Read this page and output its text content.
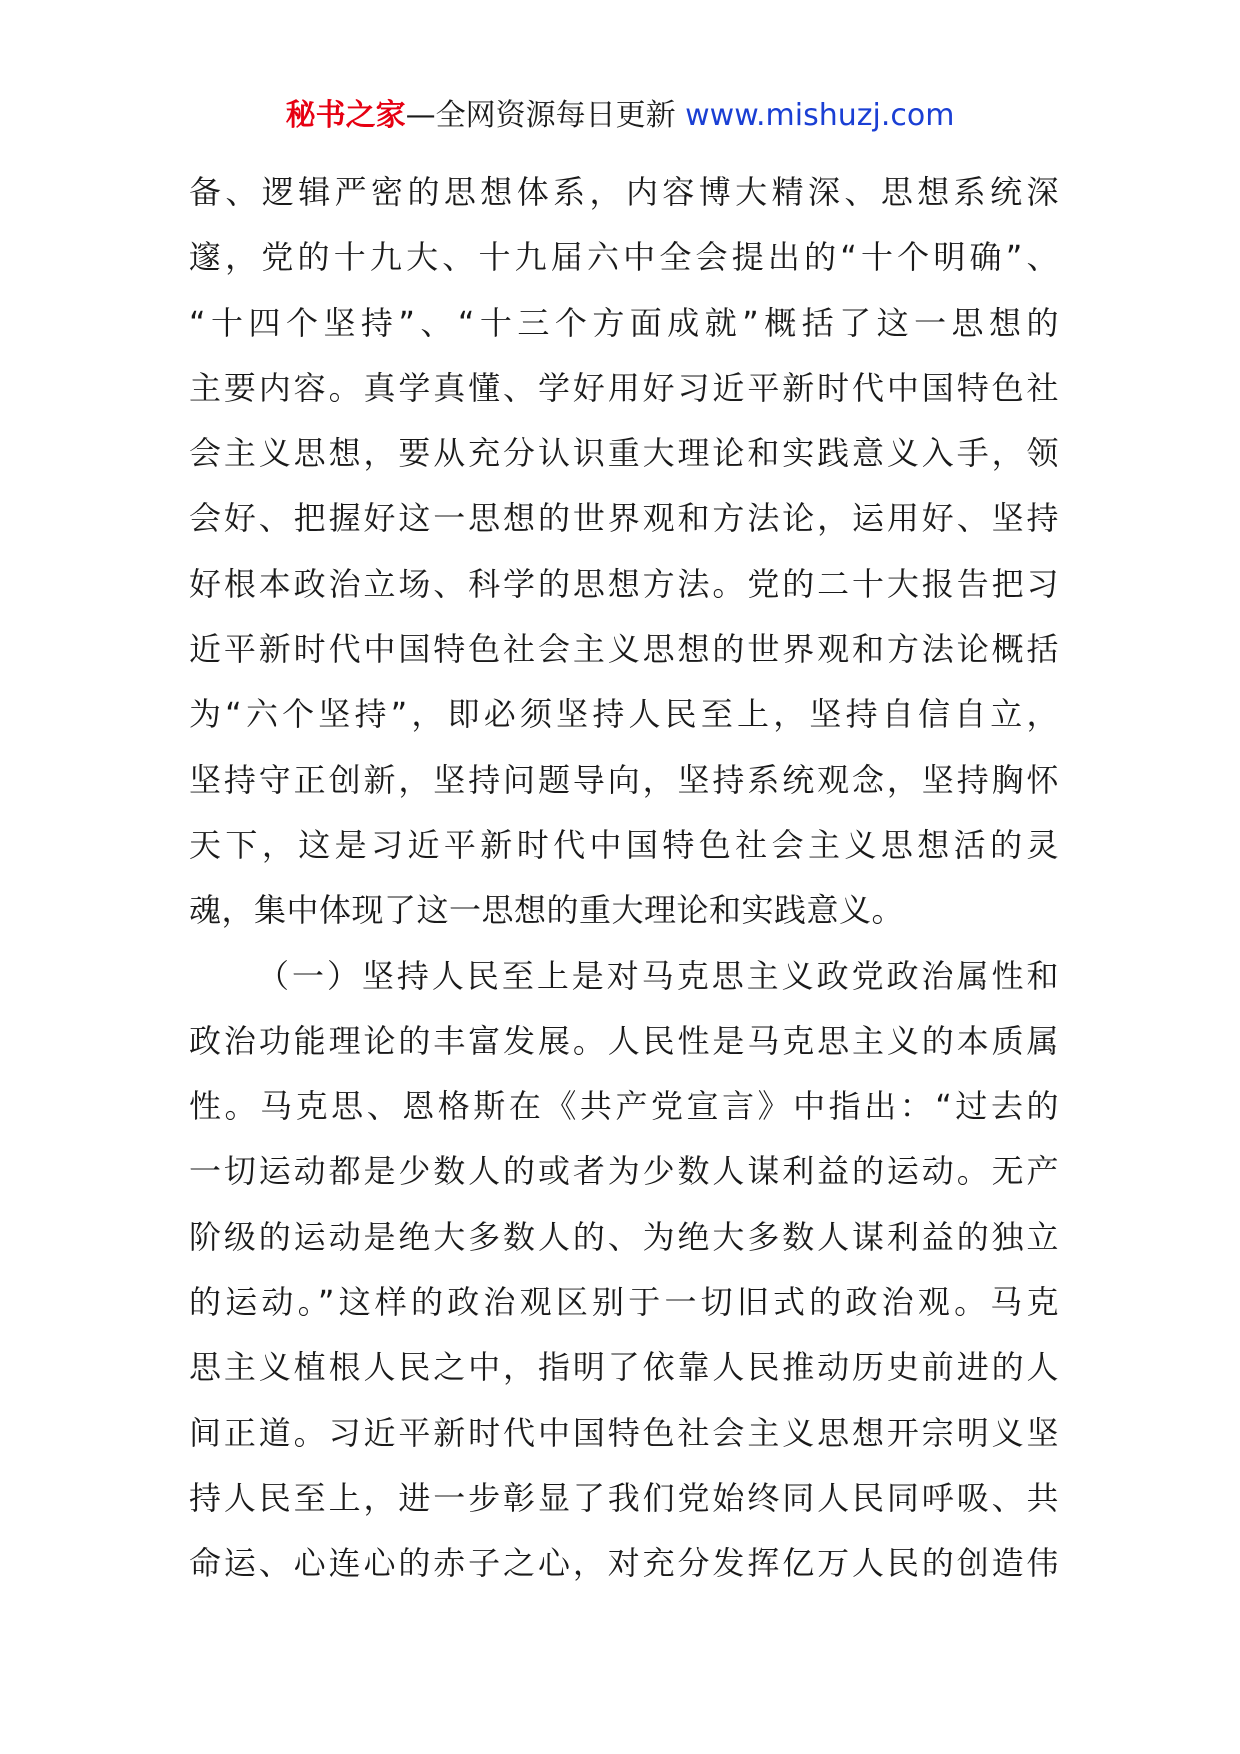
秘书之家—全网资源每日更新 www.mishuzj.com
备、逻辑严密的思想体系，内容博大精深、思想系统深
邃，党的十九大、十九届六中全会提出的“十个明确”、
“十四个坚持”、“十三个方面成就”概括了这一思想的
主要内容。真学真懂、学好用好习近平新时代中国特色社
会主义思想，要从充分认识重大理论和实践意义入手，领
会好、把握好这一思想的世界观和方法论，运用好、坚持
好根本政治立场、科学的思想方法。党的二十大报告把习
近平新时代中国特色社会主义思想的世界观和方法论概括
为“六个坚持”，即必须坚持人民至上，坚持自信自立，
坚持守正创新，坚持问题导向，坚持系统观念，坚持胸怀
天下，这是习近平新时代中国特色社会主义思想活的灵
魂，集中体现了这一思想的重大理论和实践意义。
（一）坚持人民至上是对马克思主义政党政治属性和
政治功能理论的丰富发展。人民性是马克思主义的本质属
性。马克思、恩格斯在《共产党宣言》中指出：“过去的
一切运动都是少数人的或者为少数人谋利益的运动。无产
阶级的运动是绝大多数人的、为绝大多数人谋利益的独立
的运动。”这样的政治观区别于一切旧式的政治观。马克
思主义植根人民之中，指明了依靠人民推动历史前进的人
间正道。习近平新时代中国特色社会主义思想开宗明义坚
持人民至上，进一步彰显了我们党始终同人民同呼吸、共
命运、心连心的赤子之心，对充分发挥亿万人民的创造伟
